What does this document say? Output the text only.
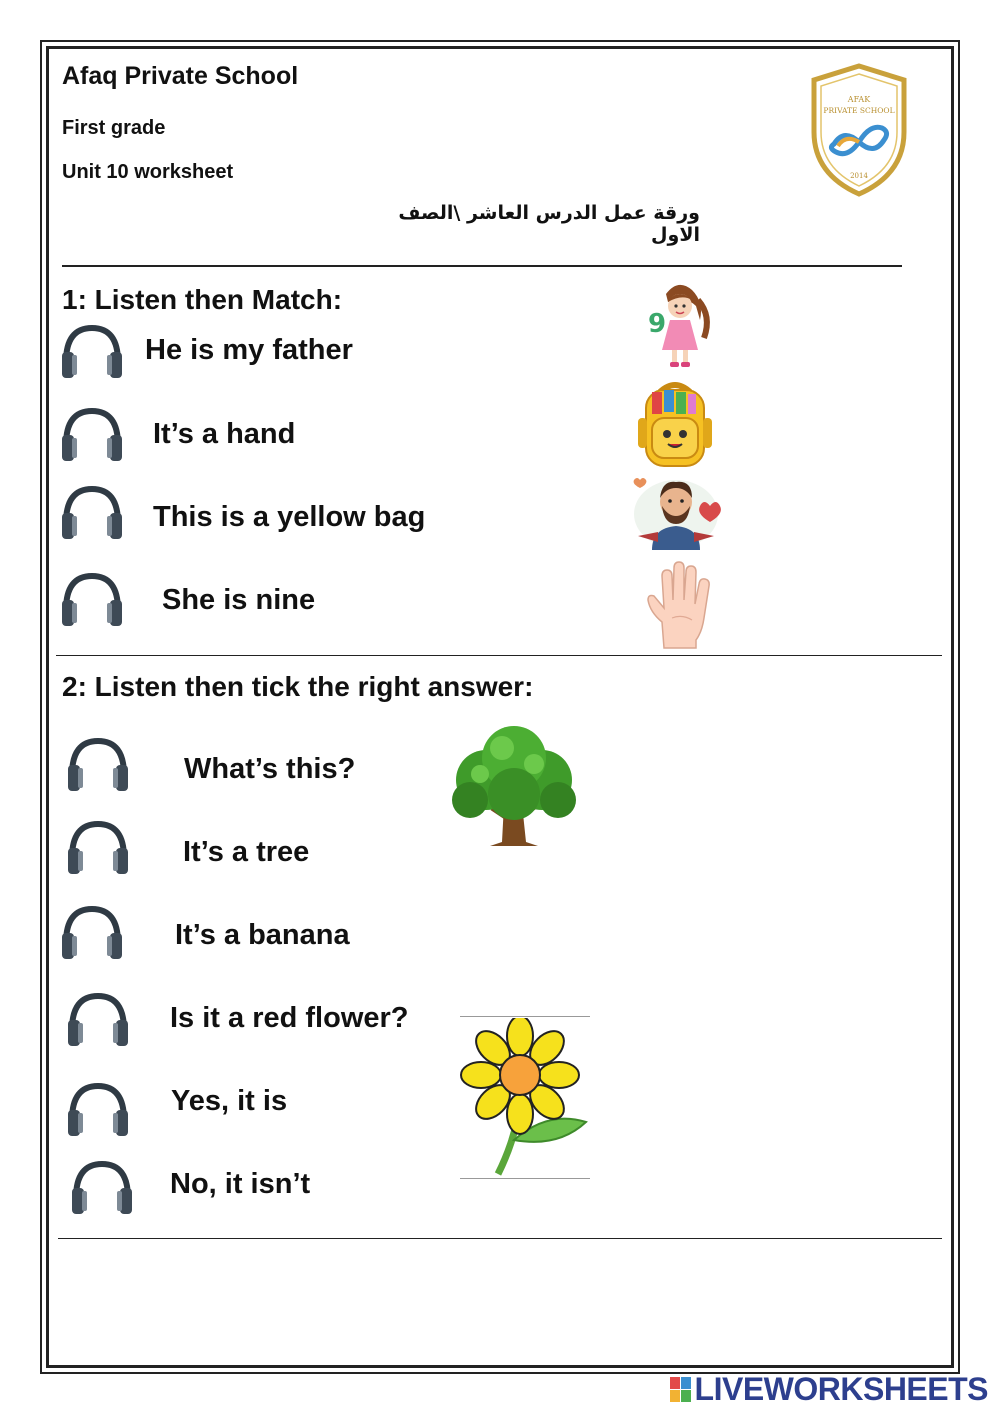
Afaq Private School
First grade
Unit 10 worksheet
ورقة عمل الدرس العاشر \الصف الاول
AFAK
PRIVATE SCHOOL
2014
1: Listen then Match:
He is my father
It’s a hand
This is a yellow bag
She is nine
9
2: Listen then tick the right answer:
What’s this?
It’s a tree
It’s a banana
Is it a red flower?
Yes, it is
No, it isn’t
LIVEWORKSHEETS
